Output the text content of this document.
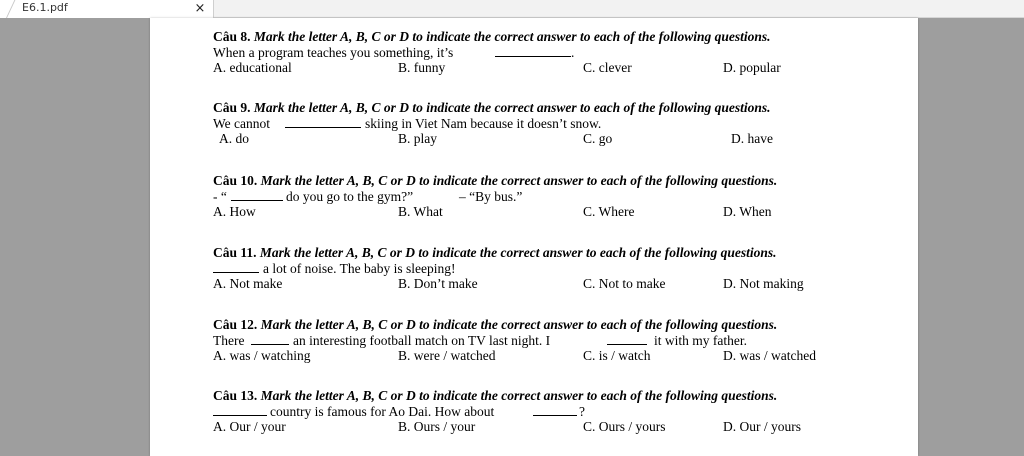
E6.1.pdf	×
Câu 8. Mark the letter A, B, C or D to indicate the correct answer to each of the following questions.
When a program teaches you something, it’s	.
A. educational	B. funny	C. clever	D. popular
Câu 9. Mark the letter A, B, C or D to indicate the correct answer to each of the following questions.
We cannot	skiing in Viet Nam because it doesn’t snow.
A. do	B. play	C. go	D. have
Câu 10. Mark the letter A, B, C or D to indicate the correct answer to each of the following questions.
- “	do you go to the gym?”	– “By bus.”
A. How	B. What	C. Where	D. When
Câu 11. Mark the letter A, B, C or D to indicate the correct answer to each of the following questions.
a lot of noise. The baby is sleeping!
A. Not make	B. Don’t make	C. Not to make	D. Not making
Câu 12. Mark the letter A, B, C or D to indicate the correct answer to each of the following questions.
There	an interesting football match on TV last night. I	it with my father.
A. was / watching	B. were / watched	C. is / watch	D. was / watched
Câu 13. Mark the letter A, B, C or D to indicate the correct answer to each of the following questions.
country is famous for Ao Dai. How about	?
A. Our / your	B. Ours / your	C. Ours / yours	D. Our / yours
